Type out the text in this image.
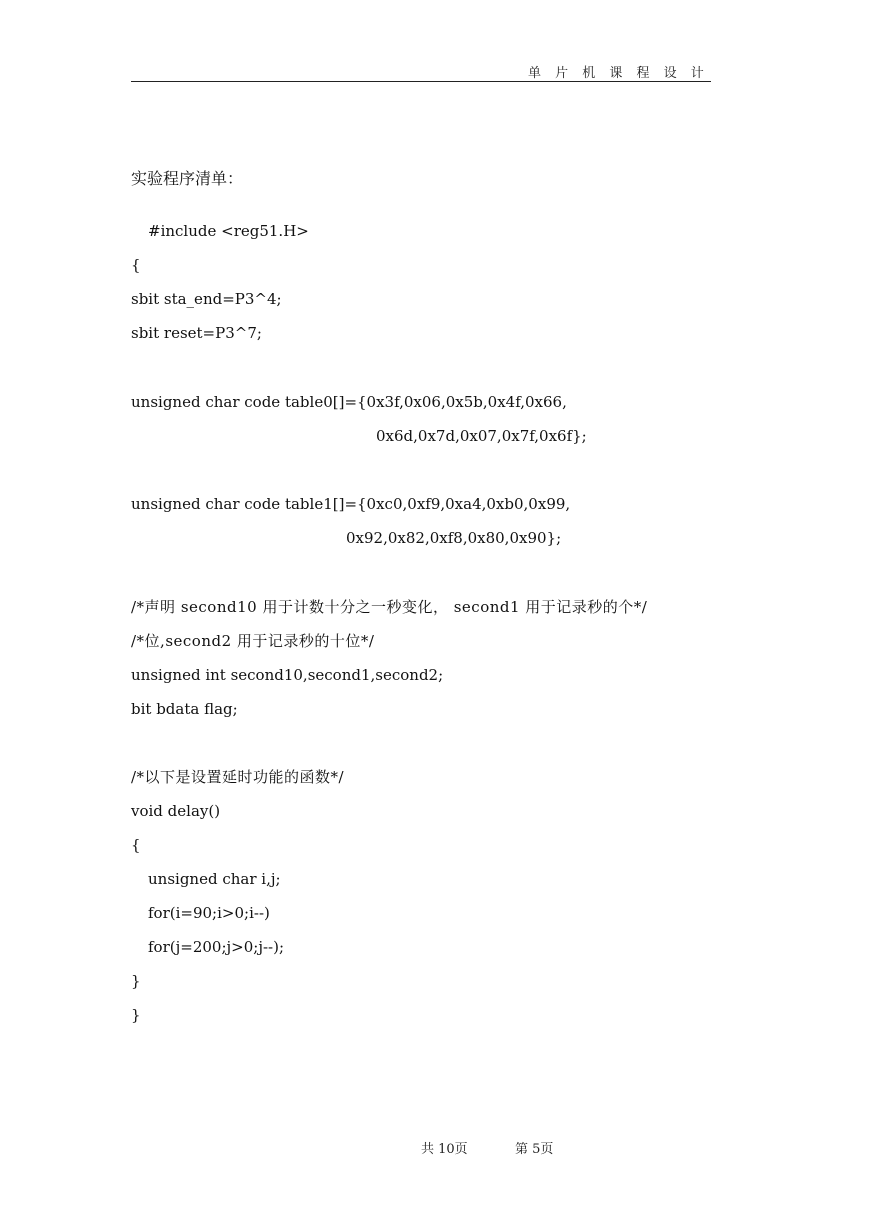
单 片 机 课 程 设 计
实验程序清单：
#include <reg51.H>
{
sbit sta_end=P3^4;
sbit reset=P3^7;
unsigned char code table0[]={0x3f,0x06,0x5b,0x4f,0x66,
0x6d,0x7d,0x07,0x7f,0x6f};
unsigned char code table1[]={0xc0,0xf9,0xa4,0xb0,0x99,
0x92,0x82,0xf8,0x80,0x90};
/*声明 second10 用于计数十分之一秒变化， second1 用于记录秒的个*/
/*位,second2 用于记录秒的十位*/
unsigned int second10,second1,second2;
bit bdata flag;
/*以下是设置延时功能的函数*/
void delay()
{
unsigned char i,j;
for(i=90;i>0;i--)
for(j=200;j>0;j--);
}
}
共 10页	第 5页
